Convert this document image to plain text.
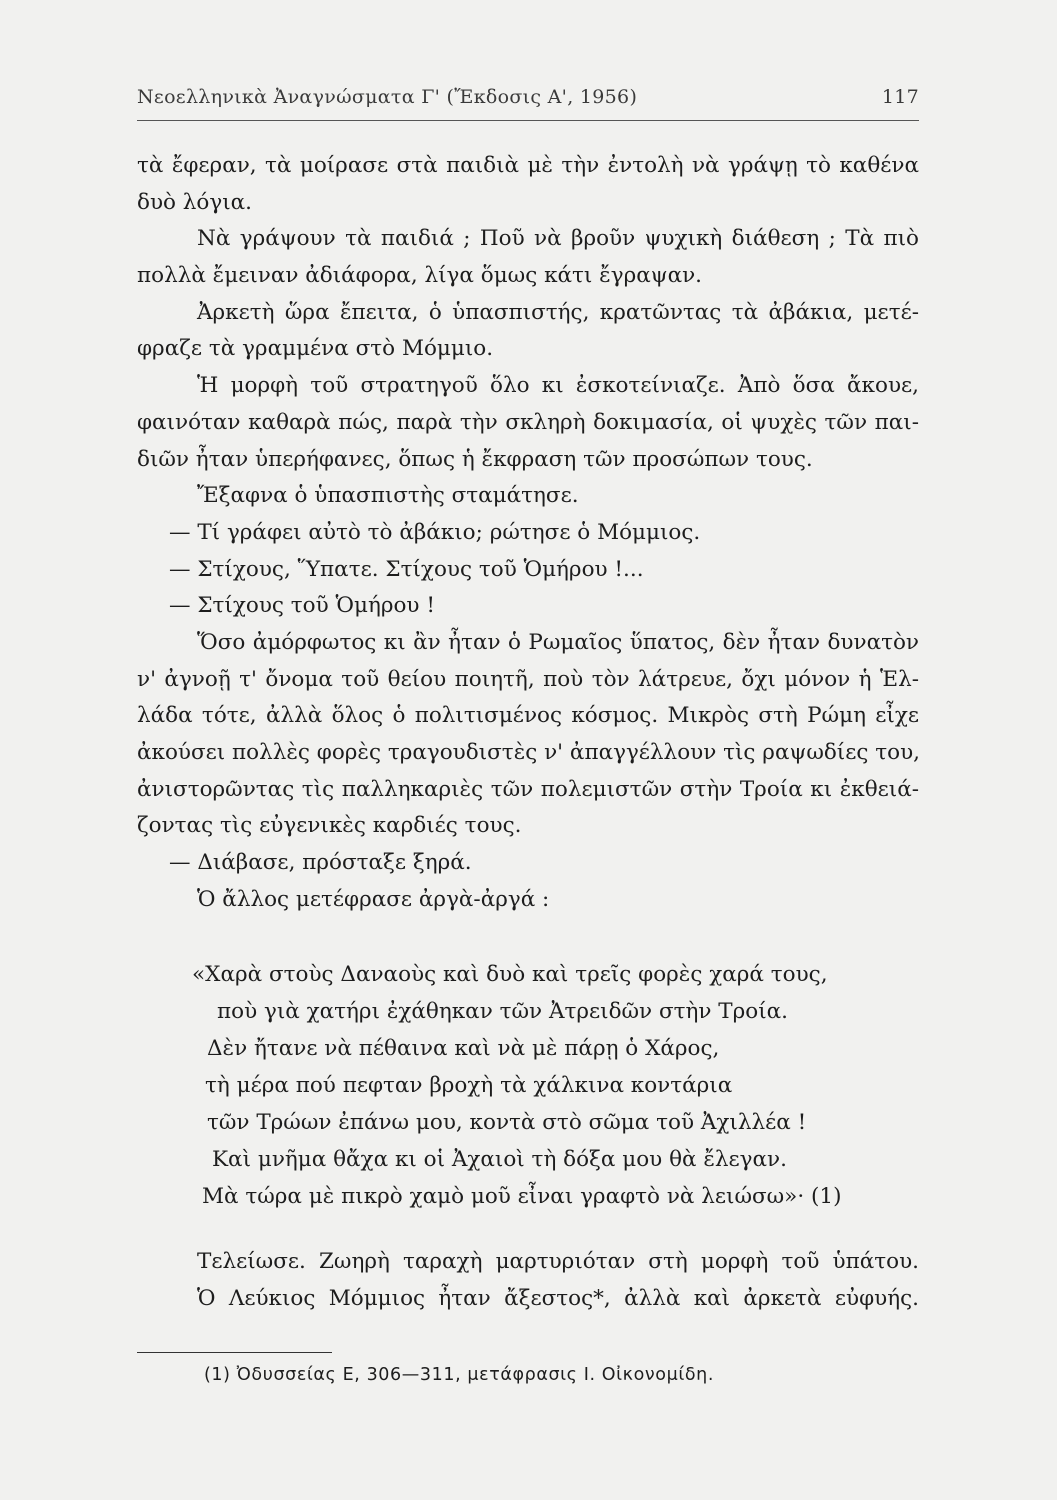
Νεοελληνικὰ Ἀναγνώσματα Γ' (Ἔκδοσις Α', 1956)	117
τὰ ἔφεραν, τὰ μοίρασε στὰ παιδιὰ μὲ τὴν ἐντολὴ νὰ γράψῃ τὸ καθένα
δυὸ λόγια.
Νὰ γράψουν τὰ παιδιά ; Ποῦ νὰ βροῦν ψυχικὴ διάθεση ; Τὰ πιὸ
πολλὰ ἔμειναν ἀδιάφορα, λίγα ὅμως κάτι ἔγραψαν.
Ἀρκετὴ ὥρα ἔπειτα, ὁ ὑπασπιστής, κρατῶντας τὰ ἀβάκια, μετέ-
φραζε τὰ γραμμένα στὸ Μόμμιο.
Ἡ μορφὴ τοῦ στρατηγοῦ ὅλο κι ἐσκοτείνιαζε. Ἀπὸ ὅσα ἄκουε,
φαινόταν καθαρὰ πώς, παρὰ τὴν σκληρὴ δοκιμασία, οἱ ψυχὲς τῶν παι-
διῶν ἦταν ὑπερήφανες, ὅπως ἡ ἔκφραση τῶν προσώπων τους.
Ἔξαφνα ὁ ὑπασπιστὴς σταμάτησε.
— Τί γράφει αὐτὸ τὸ ἀβάκιο; ρώτησε ὁ Μόμμιος.
— Στίχους, Ὕπατε. Στίχους τοῦ Ὁμήρου !...
— Στίχους τοῦ Ὁμήρου !
Ὅσο ἀμόρφωτος κι ἂν ἦταν ὁ Ρωμαῖος ὕπατος, δὲν ἦταν δυνατὸν
ν' ἀγνοῇ τ' ὄνομα τοῦ θείου ποιητῆ, ποὺ τὸν λάτρευε, ὄχι μόνον ἡ Ἑλ-
λάδα τότε, ἀλλὰ ὅλος ὁ πολιτισμένος κόσμος. Μικρὸς στὴ Ρώμη εἶχε
ἀκούσει πολλὲς φορὲς τραγουδιστὲς ν' ἀπαγγέλλουν τὶς ραψωδίες του,
ἀνιστορῶντας τὶς παλληκαριὲς τῶν πολεμιστῶν στὴν Τροία κι ἐκθειά-
ζοντας τὶς εὐγενικὲς καρδιές τους.
— Διάβασε, πρόσταξε ξηρά.
Ὁ ἄλλος μετέφρασε ἀργὰ-ἀργά :
«Χαρὰ στοὺς Δαναοὺς καὶ δυὸ καὶ τρεῖς φορὲς χαρά τους,
ποὺ γιὰ χατήρι ἐχάθηκαν τῶν Ἀτρειδῶν στὴν Τροία.
Δὲν ἤτανε νὰ πέθαινα καὶ νὰ μὲ πάρῃ ὁ Χάρος,
τὴ μέρα πού πεφταν βροχὴ τὰ χάλκινα κοντάρια
τῶν Τρώων ἐπάνω μου, κοντὰ στὸ σῶμα τοῦ Ἀχιλλέα !
Καὶ μνῆμα θἄχα κι οἱ Ἀχαιοὶ τὴ δόξα μου θὰ ἔλεγαν.
Μὰ τώρα μὲ πικρὸ χαμὸ μοῦ εἶναι γραφτὸ νὰ λειώσω»· (1)
Τελείωσε. Ζωηρὴ ταραχὴ μαρτυριόταν στὴ μορφὴ τοῦ ὑπάτου.
Ὁ Λεύκιος Μόμμιος ἦταν ἄξεστος*, ἀλλὰ καὶ ἀρκετὰ εὐφυής.
(1) Ὀδυσσείας Ε, 306—311, μετάφρασις Ι. Οἰκονομίδη.
